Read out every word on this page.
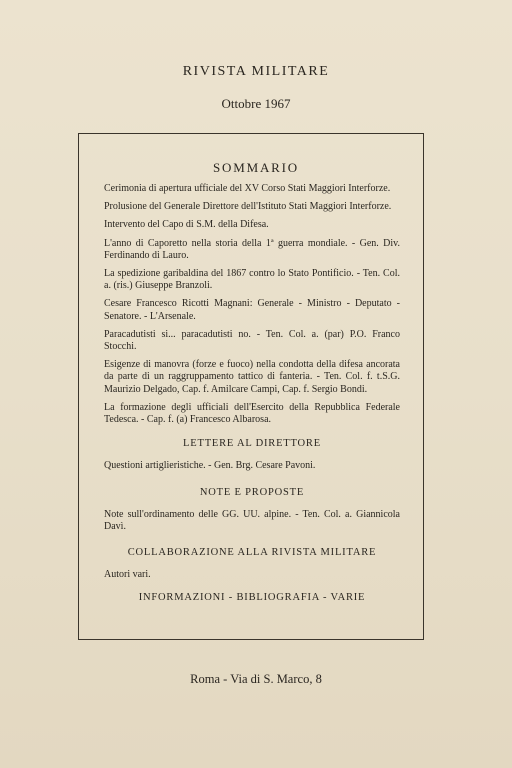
RIVISTA MILITARE
Ottobre 1967
SOMMARIO

Cerimonia di apertura ufficiale del XV Corso Stati Maggiori Interforze.

Prolusione del Generale Direttore dell'Istituto Stati Maggiori Interforze.

Intervento del Capo di S.M. della Difesa.

L'anno di Caporetto nella storia della 1ª guerra mondiale. - Gen. Div. Ferdinando di Lauro.

La spedizione garibaldina del 1867 contro lo Stato Pontificio. - Ten. Col. a. (ris.) Giuseppe Branzoli.

Cesare Francesco Ricotti Magnani: Generale - Ministro - Deputato - Senatore. - L'Arsenale.

Paracadutisti si... paracadutisti no. - Ten. Col. a. (par) P.O. Franco Stocchi.

Esigenze di manovra (forze e fuoco) nella condotta della difesa ancorata da parte di un raggruppamento tattico di fanteria. - Ten. Col. f. t.S.G. Maurizio Delgado, Cap. f. Amilcare Campi, Cap. f. Sergio Bondi.

La formazione degli ufficiali dell'Esercito della Repubblica Federale Tedesca. - Cap. f. (a) Francesco Albarosa.

LETTERE AL DIRETTORE

Questioni artiglieristiche. - Gen. Brg. Cesare Pavoni.

NOTE E PROPOSTE

Note sull'ordinamento delle GG. UU. alpine. - Ten. Col. a. Giannicola Davì.

COLLABORAZIONE ALLA RIVISTA MILITARE

Autori vari.

INFORMAZIONI - BIBLIOGRAFIA - VARIE
Roma - Via di S. Marco, 8
